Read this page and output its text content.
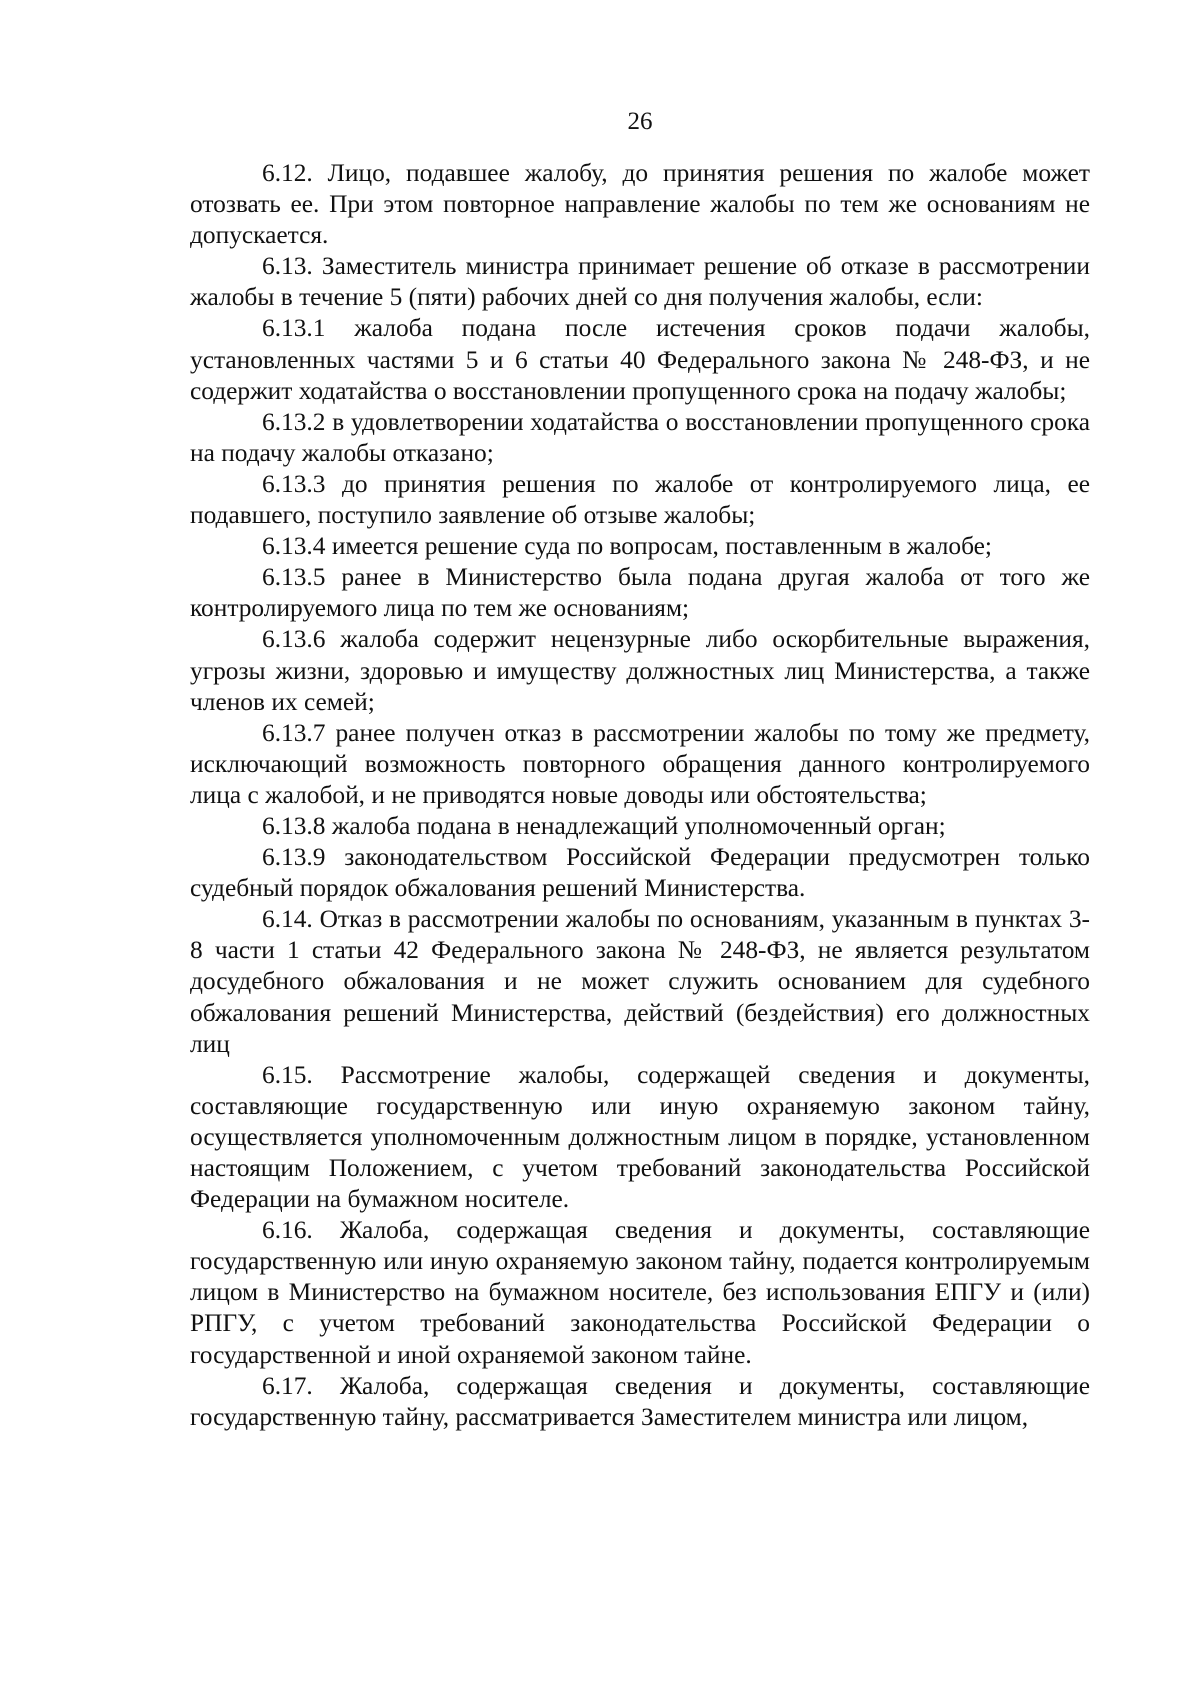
26

6.12. Лицо, подавшее жалобу, до принятия решения по жалобе может отозвать ее. При этом повторное направление жалобы по тем же основаниям не допускается.

6.13. Заместитель министра принимает решение об отказе в рассмотрении жалобы в течение 5 (пяти) рабочих дней со дня получения жалобы, если:

6.13.1 жалоба подана после истечения сроков подачи жалобы, установленных частями 5 и 6 статьи 40 Федерального закона № 248-ФЗ, и не содержит ходатайства о восстановлении пропущенного срока на подачу жалобы;

6.13.2 в удовлетворении ходатайства о восстановлении пропущенного срока на подачу жалобы отказано;

6.13.3 до принятия решения по жалобе от контролируемого лица, ее подавшего, поступило заявление об отзыве жалобы;

6.13.4 имеется решение суда по вопросам, поставленным в жалобе;

6.13.5 ранее в Министерство была подана другая жалоба от того же контролируемого лица по тем же основаниям;

6.13.6 жалоба содержит нецензурные либо оскорбительные выражения, угрозы жизни, здоровью и имуществу должностных лиц Министерства, а также членов их семей;

6.13.7 ранее получен отказ в рассмотрении жалобы по тому же предмету, исключающий возможность повторного обращения данного контролируемого лица с жалобой, и не приводятся новые доводы или обстоятельства;

6.13.8 жалоба подана в ненадлежащий уполномоченный орган;

6.13.9 законодательством Российской Федерации предусмотрен только судебный порядок обжалования решений Министерства.

6.14. Отказ в рассмотрении жалобы по основаниям, указанным в пунктах 3-8 части 1 статьи 42 Федерального закона № 248-ФЗ, не является результатом досудебного обжалования и не может служить основанием для судебного обжалования решений Министерства, действий (бездействия) его должностных лиц

6.15. Рассмотрение жалобы, содержащей сведения и документы, составляющие государственную или иную охраняемую законом тайну, осуществляется уполномоченным должностным лицом в порядке, установленном настоящим Положением, с учетом требований законодательства Российской Федерации на бумажном носителе.

6.16. Жалоба, содержащая сведения и документы, составляющие государственную или иную охраняемую законом тайну, подается контролируемым лицом в Министерство на бумажном носителе, без использования ЕПГУ и (или) РПГУ, с учетом требований законодательства Российской Федерации о государственной и иной охраняемой законом тайне.

6.17. Жалоба, содержащая сведения и документы, составляющие государственную тайну, рассматривается Заместителем министра или лицом,
